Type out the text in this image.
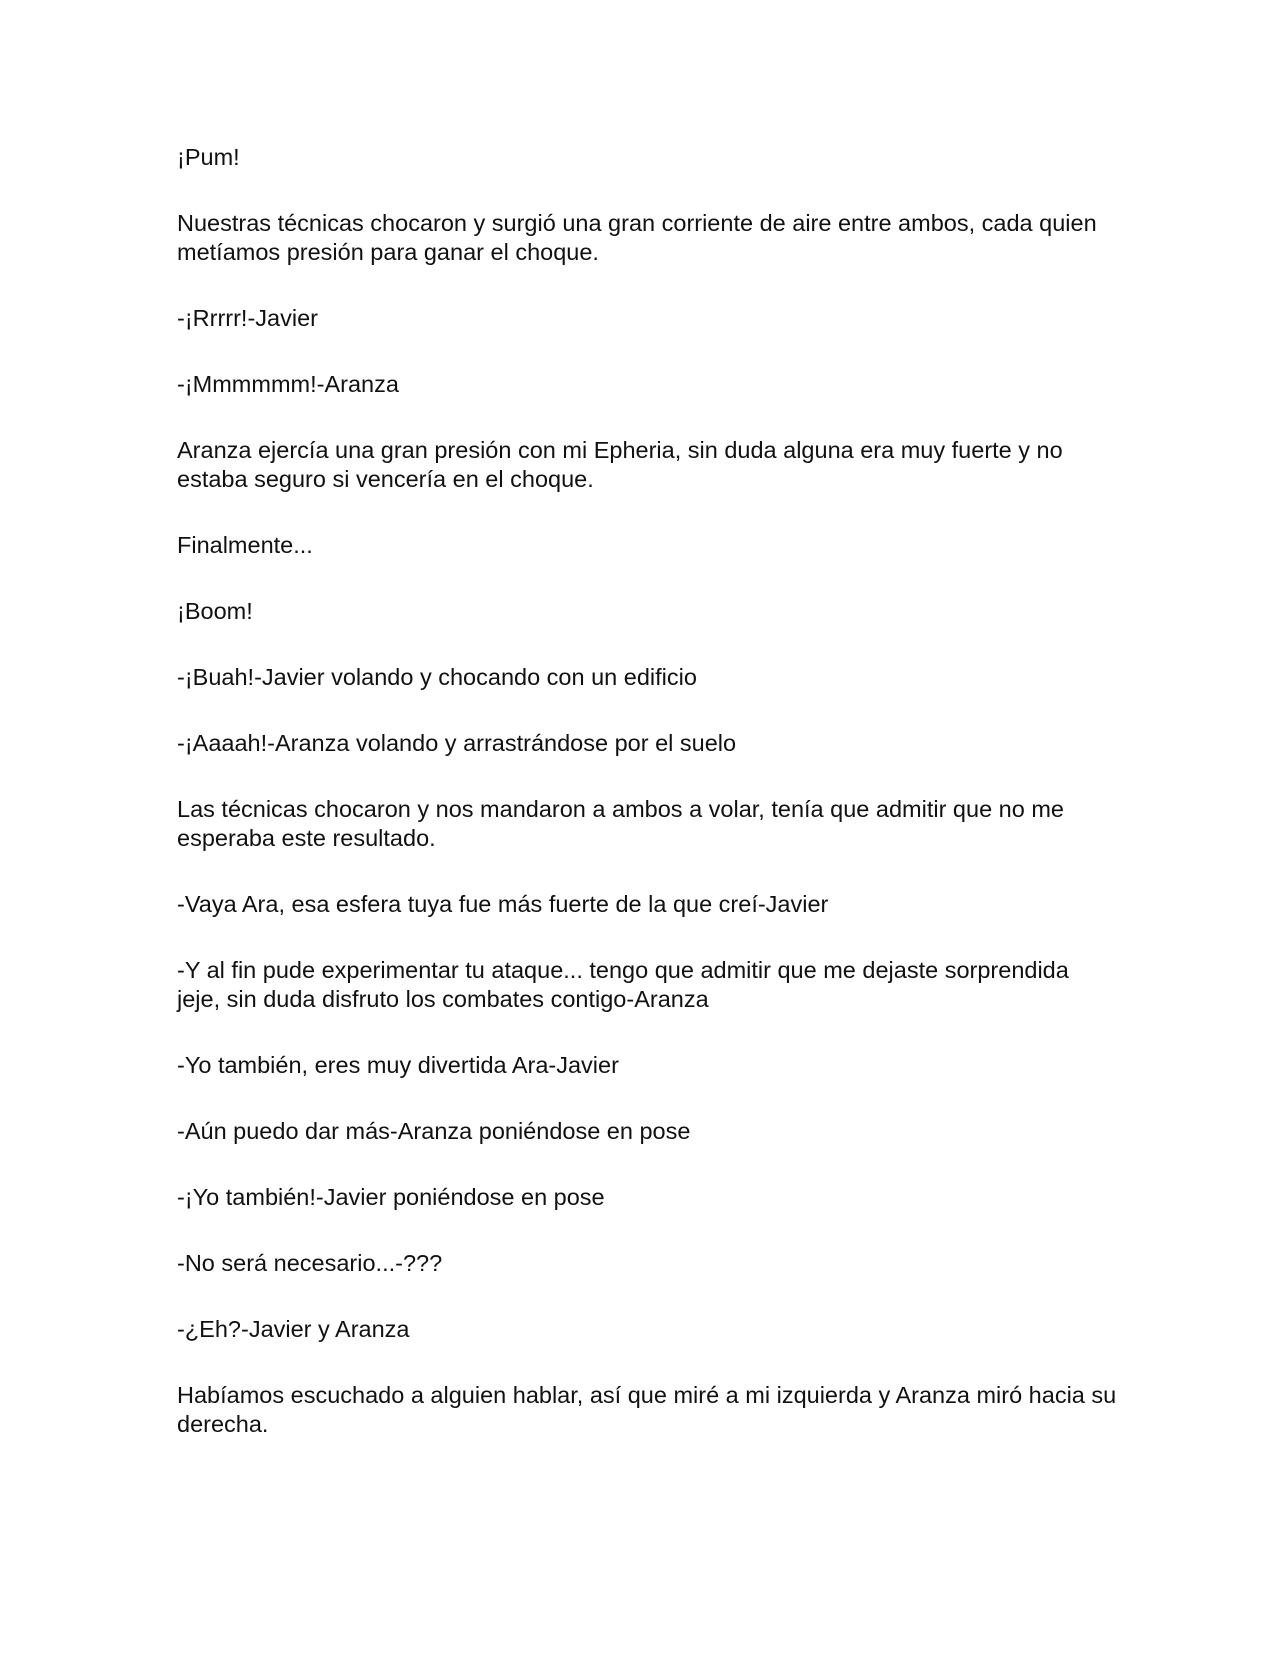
¡Pum!

Nuestras técnicas chocaron y surgió una gran corriente de aire entre ambos, cada quien metíamos presión para ganar el choque.

-¡Rrrrr!-Javier

-¡Mmmmmm!-Aranza

Aranza ejercía una gran presión con mi Epheria, sin duda alguna era muy fuerte y no estaba seguro si vencería en el choque.

Finalmente...

¡Boom!

-¡Buah!-Javier volando y chocando con un edificio

-¡Aaaah!-Aranza volando y arrastrándose por el suelo

Las técnicas chocaron y nos mandaron a ambos a volar, tenía que admitir que no me esperaba este resultado.

-Vaya Ara, esa esfera tuya fue más fuerte de la que creí-Javier

-Y al fin pude experimentar tu ataque... tengo que admitir que me dejaste sorprendida jeje, sin duda disfruto los combates contigo-Aranza

-Yo también, eres muy divertida Ara-Javier

-Aún puedo dar más-Aranza poniéndose en pose

-¡Yo también!-Javier poniéndose en pose

-No será necesario...-???

-¿Eh?-Javier y Aranza

Habíamos escuchado a alguien hablar, así que miré a mi izquierda y Aranza miró hacia su derecha.
